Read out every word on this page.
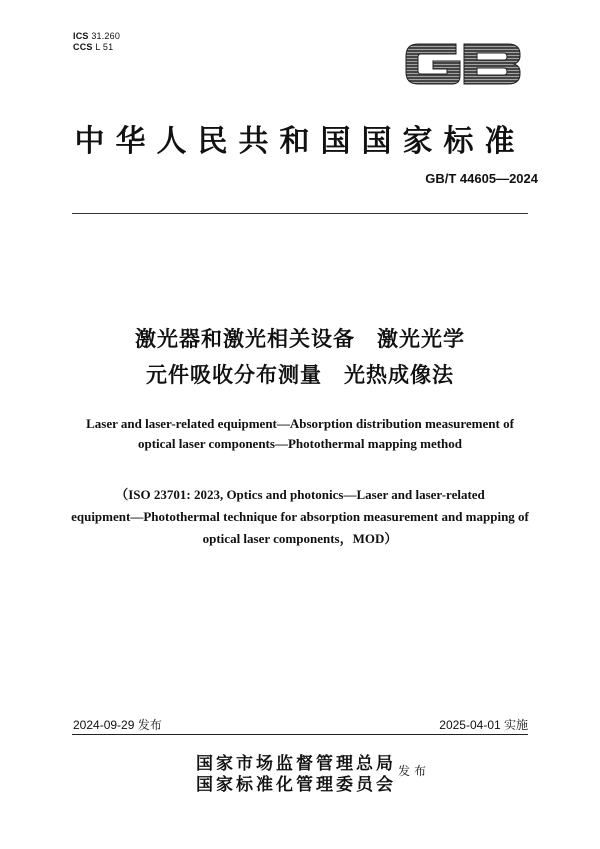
ICS 31.260
CCS L 51
中华人民共和国国家标准
GB/T 44605—2024
激光器和激光相关设备　激光光学
元件吸收分布测量　光热成像法
Laser and laser-related equipment—Absorption distribution measurement of
optical laser components—Photothermal mapping method
（ISO 23701: 2023, Optics and photonics—Laser and laser-related
equipment—Photothermal technique for absorption measurement and mapping of
optical laser components，MOD）
2024-09-29 发布	2025-04-01 实施
国家市场监督管理总局
国家标准化管理委员会
发布
